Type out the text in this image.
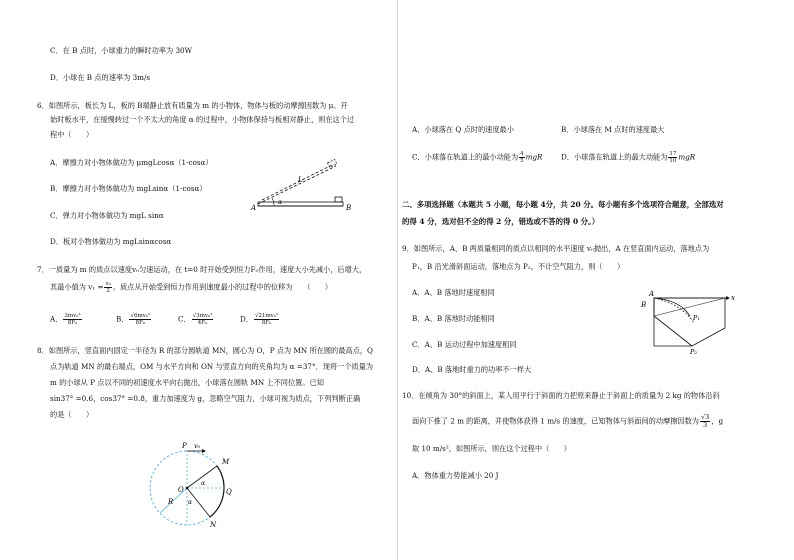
C．在 B 点时，小球重力的瞬时功率为 30W
D．小球在 B 点的速率为 3m/s
6．如图所示，板长为 L，板的 B端静止放有质量为 m 的小物体，物体与板的动摩擦因数为 μ。开
始时板水平，在缓慢转过一个不太大的角度 α 的过程中，小物体保持与板相对静止，则在这个过
程中（　　）
A．摩擦力对小物体做功为 μmgLcosα（1-cosα）
B．摩擦力对小物体做功为 mgLsinα（1-cosα）
C．弹力对小物体做功为 mgL sinα
D．板对小物体做功为 mgLsinαcosα
A	B
L
α
7．一质量为 m 的质点以速度v₀匀速运动，在 t=0 时开始受到恒力F₀作用，速度大小先减小，后增大，
其最小值为 $v_1 = \frac{\text{v₀}}{2}$ 。质点从开始受到恒力作用到速度最小的过程中的位移为　　（　　）
A． $\frac{\text{3mv₀²}}{\text{8F₀}}$	B． $\frac{\text{√6mv₀²}}{\text{8F₀}}$	C． $\frac{\text{√3mv₀²}}{\text{4F₀}}$	D． $\frac{\text{√21mv₀²}}{\text{8F₀}}$
8．如图所示，竖直面内固定一半径为 R 的部分圆轨道 MN，圆心为 O，P 点为 MN 所在圆的最高点，Q
点为轨道 MN 的最右端点，OM 与水平方向和 ON 与竖直方向的夹角均为 α =37°．现将一个质量为
m 的小球从 P 点以不同的初速度水平向右抛出，小球落在圆轨 MN 上不同位置。已知
sin37° =0.6，cos37° =0.8，重力加速度为 g，忽略空气阻力，小球可视为质点，下列判断正确
的是（　　）
P v₀
M
O	Q
R
N
α
α
A．小球落在 Q 点时的速度最小	B．小球落在 M 点时的速度最大
C．小球落在轨道上的最小动能为 $\frac{4}{5}$ mgR	D．小球落在轨道上的最大动能为 $\frac{17}{10}$ mgR
二、多项选择题（本题共 5 小题，每小题 4分，共 20 分。每小题有多个选项符合题意，全部选对
的得 4 分，选对但不全的得 2 分，错选或不答的得 0 分。）
9．如图所示，A、B 两质量相同的质点以相同的水平速度 v₀抛出，A 在竖直面内运动，落地点为
P₁，B 沿光滑斜面运动，落地点为 P₂，不计空气阻力，则（　　）
A．A、B 落地时速度相同
B．A、B 落地时动能相同
C．A、B 运动过程中加速度相同
D．A、B 落地时重力的功率不一样大
A
B
x
P₁
P₂
10．在倾角为 30°的斜面上，某人用平行于斜面的力把原来静止于斜面上的质量为 2 kg 的物体沿斜
面向下推了 2 m 的距离，并使物体获得 1 m/s 的速度，已知物体与斜面间的动摩擦因数为 $\frac{√3}{3}$ ，g
取 10 m/s²，如图所示，则在这个过程中（　　）
A．物体重力势能减小 20 J
